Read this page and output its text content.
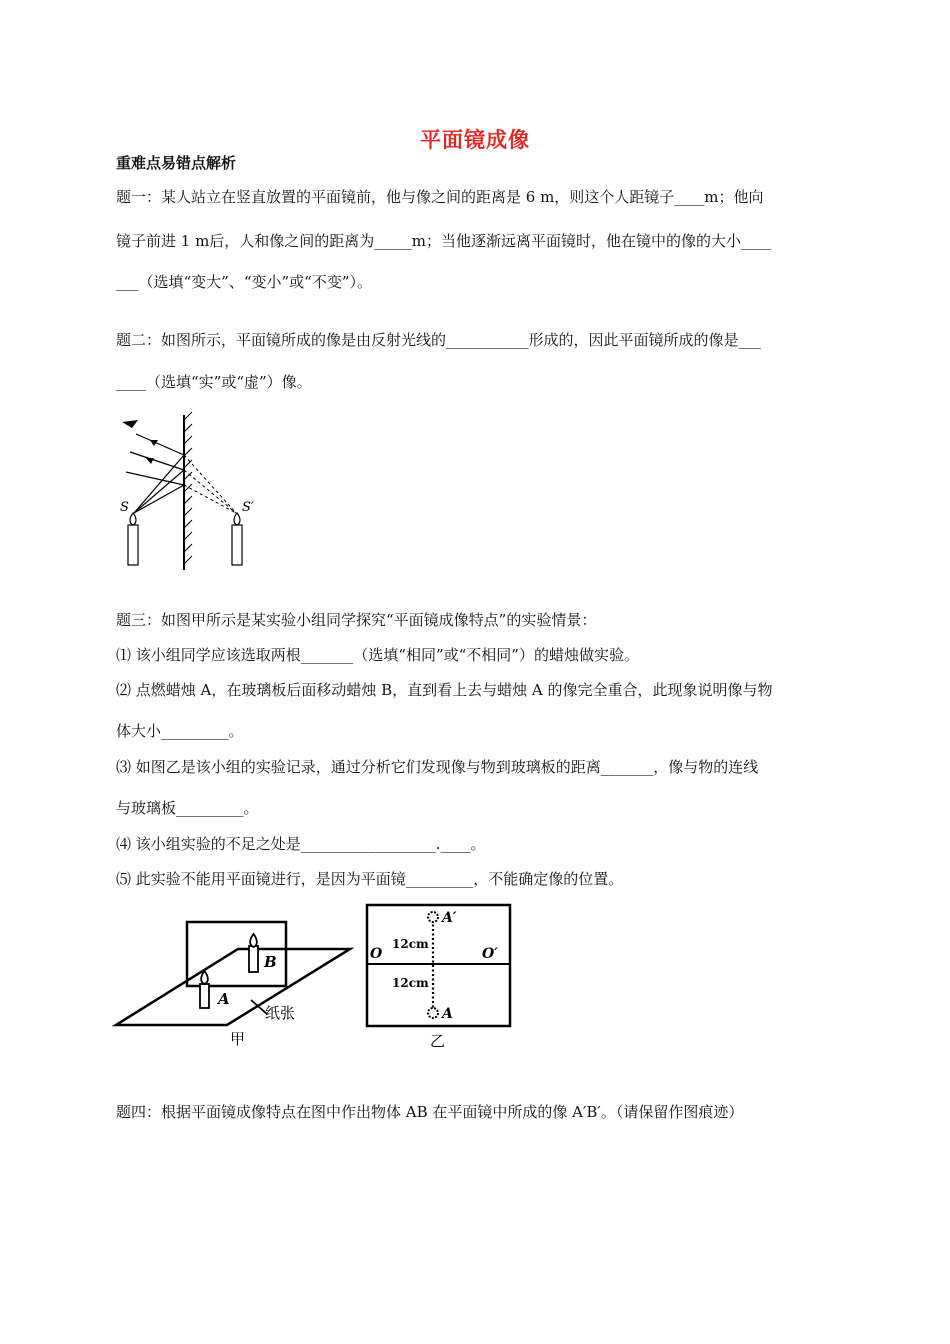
平面镜成像
重难点易错点解析
题一：某人站立在竖直放置的平面镜前，他与像之间的距离是 6 m，则这个人距镜子____m；他向
镜子前进 1 m后，人和像之间的距离为_____m；当他逐渐远离平面镜时，他在镜中的像的大小____
___（选填“变大”、“变小”或“不变”）。
题二：如图所示，平面镜所成的像是由反射光线的___________形成的，因此平面镜所成的像是___
____（选填“实”或“虚”）像。
S	S′
题三：如图甲所示是某实验小组同学探究“平面镜成像特点”的实验情景：
⑴ 该小组同学应该选取两根_______（选填“相同”或“不相同”）的蜡烛做实验。
⑵ 点燃蜡烛 A，在玻璃板后面移动蜡烛 B，直到看上去与蜡烛 A 的像完全重合，此现象说明像与物
体大小_________。
⑶ 如图乙是该小组的实验记录，通过分析它们发现像与物到玻璃板的距离_______，像与物的连线
与玻璃板_________。
⑷ 该小组实验的不足之处是__________________.____。
⑸ 此实验不能用平面镜进行，是因为平面镜_________，不能确定像的位置。
B
A
纸张
甲
A′
A
O	O′
12cm
12cm
乙
题四：根据平面镜成像特点在图中作出物体 AB 在平面镜中所成的像 A′B′。（请保留作图痕迹）
